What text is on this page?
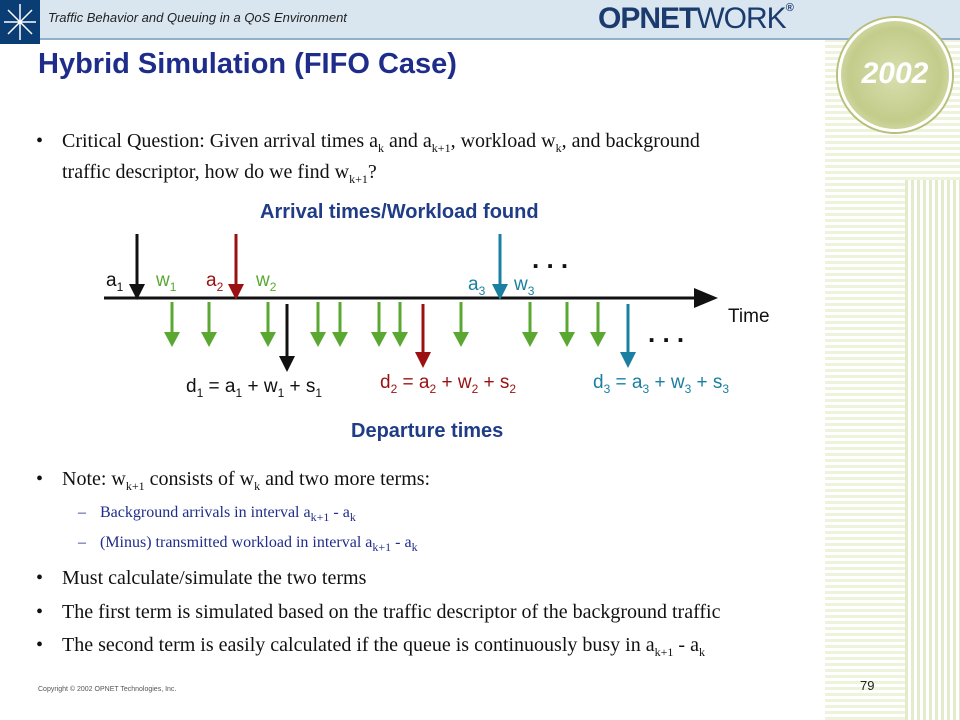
Traffic Behavior and Queuing in a QoS Environment	OPNETWORK®
2002
Hybrid Simulation (FIFO Case)
• Critical Question: Given arrival times $a_k$ and $a_{k+1}$, workload $w_k$, and background
traffic descriptor, how do we find $w_{k+1}$?
Arrival times/Workload found
$a_1$ $w_1$ $a_2$ $w_2$	$a_3$ $w_3$
. . .
. . .
Time
$d_1 = a_1 + w_1 + s_1$	$d_2 = a_2 + w_2 + s_2$	$d_3 = a_3 + w_3 + s_3$
Departure times
• Note: $w_{k+1}$ consists of $w_k$ and two more terms:
– Background arrivals in interval $a_{k+1} - a_k$
– (Minus) transmitted workload in interval $a_{k+1} - a_k$
• Must calculate/simulate the two terms
• The first term is simulated based on the traffic descriptor of the background traffic
• The second term is easily calculated if the queue is continuously busy in $a_{k+1} - a_k$
Copyright © 2002 OPNET Technologies, Inc.	79
